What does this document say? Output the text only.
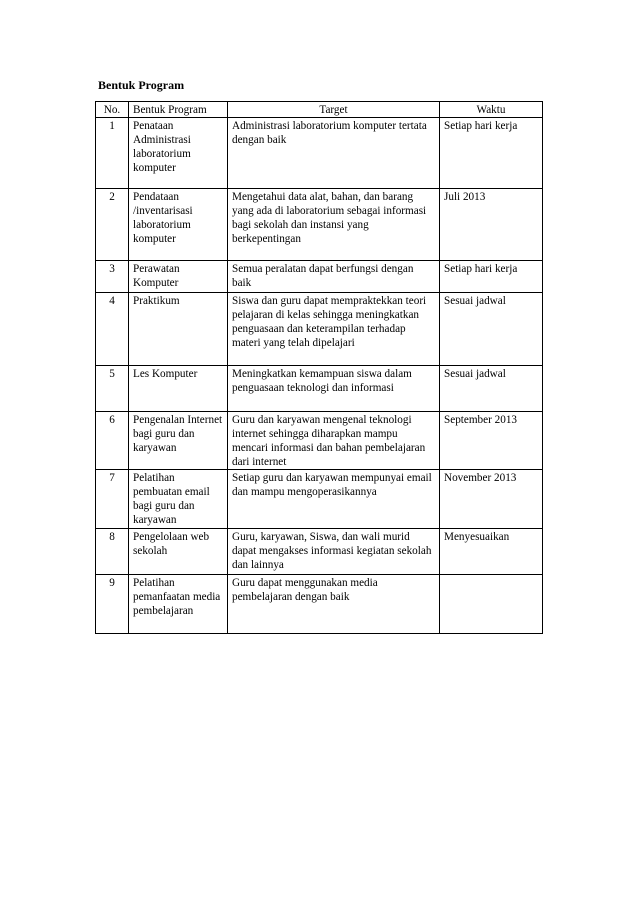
Bentuk Program
No.	Bentuk Program	Target	Waktu
1	Penataan Administrasi laboratorium komputer	Administrasi laboratorium komputer tertata dengan baik	Setiap hari kerja
2	Pendataan /inventarisasi laboratorium komputer	Mengetahui data alat, bahan, dan barang yang ada di laboratorium sebagai informasi bagi sekolah dan instansi yang berkepentingan	Juli 2013
3	Perawatan Komputer	Semua peralatan dapat berfungsi dengan baik	Setiap hari kerja
4	Praktikum	Siswa dan guru dapat mempraktekkan teori pelajaran di kelas sehingga meningkatkan penguasaan dan keterampilan terhadap materi yang telah dipelajari	Sesuai jadwal
5	Les Komputer	Meningkatkan kemampuan siswa dalam penguasaan teknologi dan informasi	Sesuai jadwal
6	Pengenalan Internet bagi guru dan karyawan	Guru dan karyawan mengenal teknologi internet sehingga diharapkan mampu mencari informasi dan bahan pembelajaran dari internet	September 2013
7	Pelatihan pembuatan email bagi guru dan karyawan	Setiap guru dan karyawan mempunyai email dan mampu mengoperasikannya	November 2013
8	Pengelolaan web sekolah	Guru, karyawan, Siswa, dan wali murid dapat mengakses informasi kegiatan sekolah dan lainnya	Menyesuaikan
9	Pelatihan pemanfaatan media pembelajaran	Guru dapat menggunakan media pembelajaran dengan baik	
